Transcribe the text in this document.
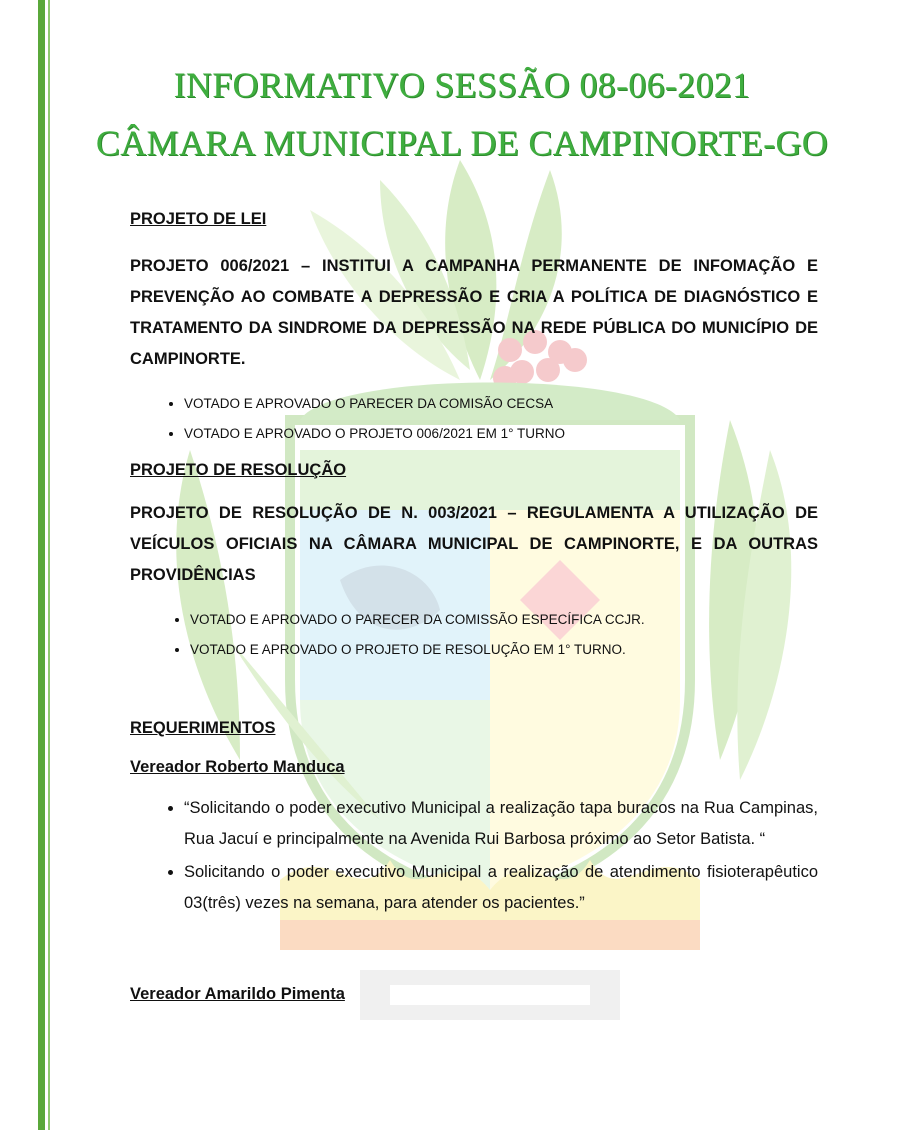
INFORMATIVO SESSÃO 08-06-2021
CÂMARA MUNICIPAL DE CAMPINORTE-GO
PROJETO DE LEI
PROJETO 006/2021 – INSTITUI A CAMPANHA PERMANENTE DE INFOMAÇÃO E PREVENÇÃO AO COMBATE A DEPRESSÃO E CRIA A POLÍTICA DE DIAGNÓSTICO E TRATAMENTO DA SINDROME DA DEPRESSÃO NA REDE PÚBLICA DO MUNICÍPIO DE CAMPINORTE.
• VOTADO E APROVADO O PARECER DA COMISÃO CECSA
• VOTADO E APROVADO O PROJETO 006/2021 EM 1° TURNO
PROJETO DE RESOLUÇÃO
PROJETO DE RESOLUÇÃO DE N. 003/2021 – REGULAMENTA A UTILIZAÇÃO DE VEÍCULOS OFICIAIS NA CÂMARA MUNICIPAL DE CAMPINORTE, E DA OUTRAS PROVIDÊNCIAS
• VOTADO E APROVADO O PARECER DA COMISSÃO ESPECÍFICA CCJR.
• VOTADO E APROVADO O PROJETO DE RESOLUÇÃO EM 1° TURNO.
REQUERIMENTOS
Vereador Roberto Manduca
• “Solicitando o poder executivo Municipal a realização tapa buracos na Rua Campinas, Rua Jacuí e principalmente na Avenida Rui Barbosa próximo ao Setor Batista. “
• Solicitando o poder executivo Municipal a realização de atendimento fisioterapêutico 03(três) vezes na semana, para atender os pacientes.”
Vereador Amarildo Pimenta
